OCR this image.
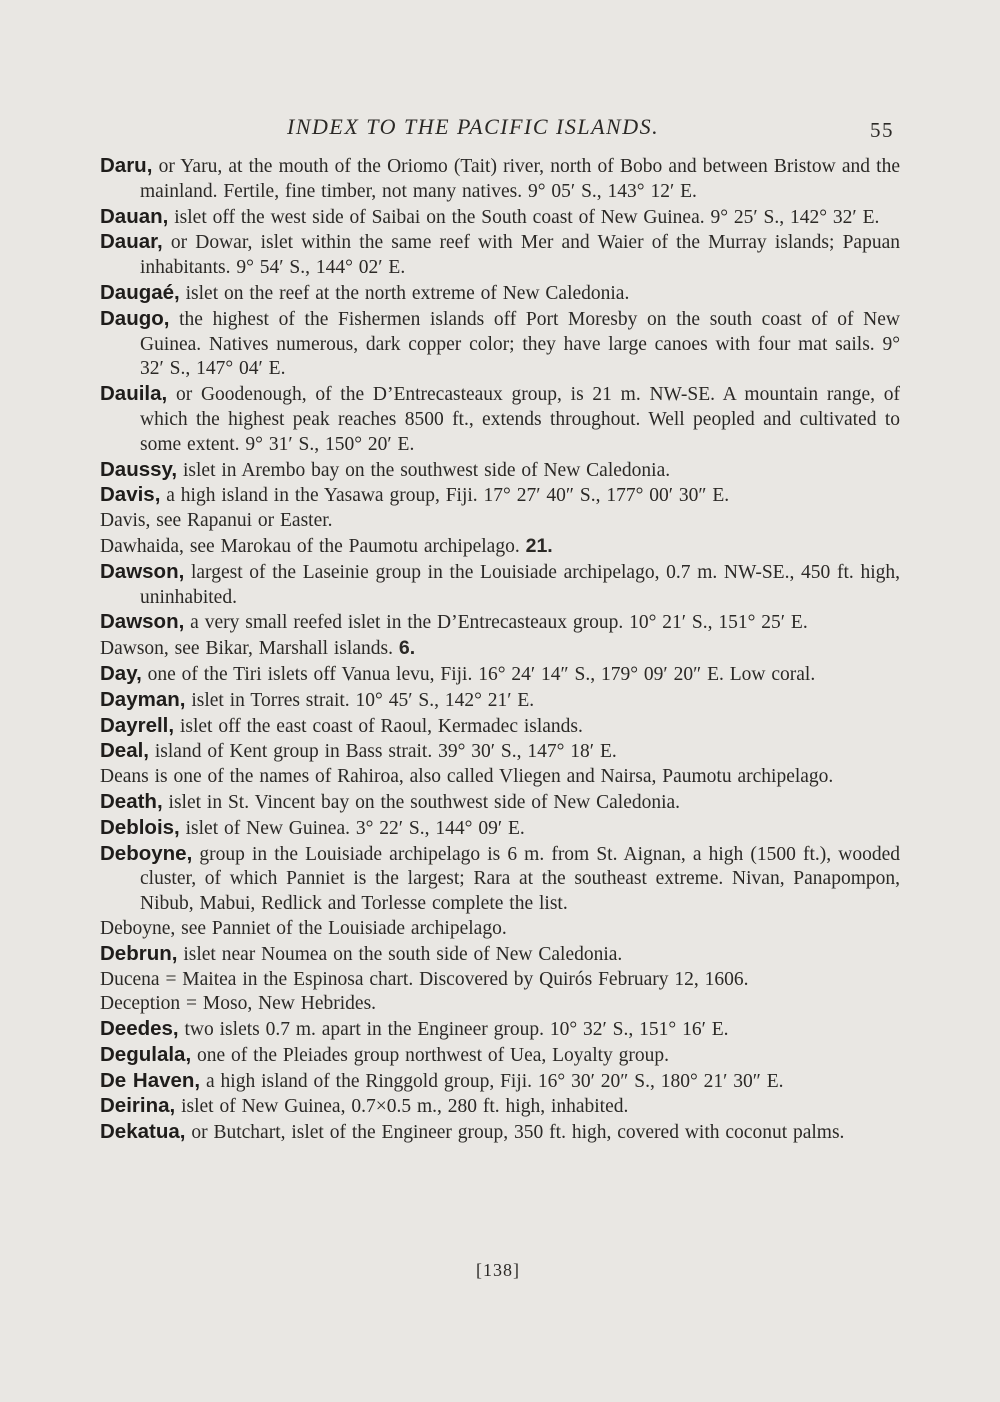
INDEX TO THE PACIFIC ISLANDS.	55

Daru, or Yaru, at the mouth of the Oriomo (Tait) river, north of Bobo and between Bristow and the mainland. Fertile, fine timber, not many natives. 9° 05′ S., 143° 12′ E.

Dauan, islet off the west side of Saibai on the South coast of New Guinea. 9° 25′ S., 142° 32′ E.

Dauar, or Dowar, islet within the same reef with Mer and Waier of the Murray islands; Papuan inhabitants. 9° 54′ S., 144° 02′ E.

Daugaé, islet on the reef at the north extreme of New Caledonia.

Daugo, the highest of the Fishermen islands off Port Moresby on the south coast of of New Guinea. Natives numerous, dark copper color; they have large canoes with four mat sails. 9° 32′ S., 147° 04′ E.

Dauila, or Goodenough, of the D’Entrecasteaux group, is 21 m. NW-SE. A mountain range, of which the highest peak reaches 8500 ft., extends throughout. Well peopled and cultivated to some extent. 9° 31′ S., 150° 20′ E.

Daussy, islet in Arembo bay on the southwest side of New Caledonia.

Davis, a high island in the Yasawa group, Fiji. 17° 27′ 40″ S., 177° 00′ 30″ E.

Davis, see Rapanui or Easter.

Dawhaida, see Marokau of the Paumotu archipelago. 21.

Dawson, largest of the Laseinie group in the Louisiade archipelago, 0.7 m. NW-SE., 450 ft. high, uninhabited.

Dawson, a very small reefed islet in the D’Entrecasteaux group. 10° 21′ S., 151° 25′ E.

Dawson, see Bikar, Marshall islands. 6.

Day, one of the Tiri islets off Vanua levu, Fiji. 16° 24′ 14″ S., 179° 09′ 20″ E. Low coral.

Dayman, islet in Torres strait. 10° 45′ S., 142° 21′ E.

Dayrell, islet off the east coast of Raoul, Kermadec islands.

Deal, island of Kent group in Bass strait. 39° 30′ S., 147° 18′ E.

Deans is one of the names of Rahiroa, also called Vliegen and Nairsa, Paumotu archipelago.

Death, islet in St. Vincent bay on the southwest side of New Caledonia.

Deblois, islet of New Guinea. 3° 22′ S., 144° 09′ E.

Deboyne, group in the Louisiade archipelago is 6 m. from St. Aignan, a high (1500 ft.), wooded cluster, of which Panniet is the largest; Rara at the southeast extreme. Nivan, Panapompon, Nibub, Mabui, Redlick and Torlesse complete the list.

Deboyne, see Panniet of the Louisiade archipelago.

Debrun, islet near Noumea on the south side of New Caledonia.

Ducena = Maitea in the Espinosa chart. Discovered by Quirós February 12, 1606.

Deception = Moso, New Hebrides.

Deedes, two islets 0.7 m. apart in the Engineer group. 10° 32′ S., 151° 16′ E.

Degulala, one of the Pleiades group northwest of Uea, Loyalty group.

De Haven, a high island of the Ringgold group, Fiji. 16° 30′ 20″ S., 180° 21′ 30″ E.

Deirina, islet of New Guinea, 0.7×0.5 m., 280 ft. high, inhabited.

Dekatua, or Butchart, islet of the Engineer group, 350 ft. high, covered with coconut palms.

[138]
